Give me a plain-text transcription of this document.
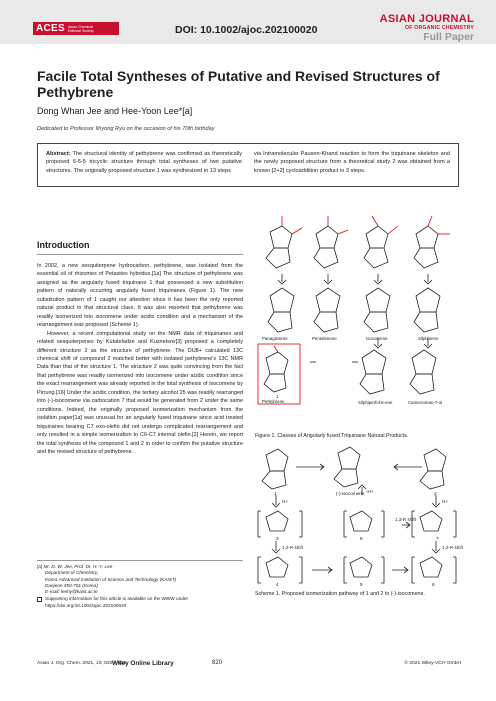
ACES Asian Chemical
Editorial Society	DOI: 10.1002/ajoc.202100020
ASIAN JOURNAL
OF ORGANIC CHEMISTRY
Full Paper
Facile Total Syntheses of Putative and Revised Structures of Pethybrene
Dong Whan Jee and Hee-Yoon Lee*[a]
Dedicated to Professor Ilhyong Ryu on the occasion of his 70th birthday
Abstract: The structural identity of pethybrene was confirmed as theoretically proposed 6-5-5 tricyclic structure through total syntheses of two putative structures. The originally proposed structure 1 was synthesized in 13 steps
via Intramolecular Pauson-Khand reaction to form the triquinane skeleton and the newly proposed structure from a theoretical study 2 was obtained from a known [2+2] cycloaddition product in 3 steps.
Introduction

In 2002, a new sesquiterpene hydrocarbon, pethybrene, was isolated from the essential oil of rhizomes of Petasites hybridus.[1a] The structure of pethybrene was assigned as the angularly fused triquinane 1 that possessed a new substitution pattern of naturally occurring angularly fused triquinanes (Figure 1). The new substitution pattern of 1 caught our attention since it has been the only reported natural product in that structural class. It was also reported that pethybrene was readily isomerized into isocomene under acidic condition and a mechanism of the rearrangement was proposed (Scheme 1).

However, a recent computational study on the NMR data of triquinanes and related sesquiterpenes by Kutateladze and Kuznetsov[3] proposed a completely different structure 2 as the structure of pethybrene. The DU8+ calculated 13C chemical shift of compound 2 matched better with isolated pethybrene's 13C NMR Data than that of the structure 1. The structure 2 was quite convincing from the fact that pethybrene was readily isomerized into isocomene under acidic condition since the exact rearrangement was already reported in the total synthesis of isocomene by Pirrung.[16] Under the acidic condition, the tertiary alcohol 25 was readily rearranged into (-)-isocomene via carbocation 7 that would be generated from 2 under the same conditions. Indeed, the originally proposed isomerization mechanism from the isolation paper[1a] was unusual for an angularly fused triquinane since acid treated triquinanes bearing C7 exo-olefin did not undergo complicated rearrangement and only resulted in a simple isomerization to C6-C7 internal olefin.[2] Herein, we report the total synthesis of the compound 1 and 2 in order to confirm the putative structure and the revised structure of pethybrene.

Panaginsene	Pentalenene	Isocomene	Silphinene
1
Pethybrene	Silphiperfol-6-ene	Cameroonan-7-ol
Figure 1. Classes of Angularly fused Triquinane Natural Products.
1	(-)-isocomene	2
H+
-H+
H+
3	8
1,3-R shift
7
1,2-R shift	1,2-R shift
4	5	6
Scheme 1. Proposed isomerization pathway of 1 and 2 to (-)-isocomene.
[a] Mr. D. W. Jee, Prof. Dr. H.-Y. Lee
Department of Chemistry,
Korea Advanced Institution of Science and Technology (KAIST)
Daejeon 350-701 (Korea)
E-mail: leehy@kaist.ac.kr
Supporting information for this article is available on the WWW under https://doi.org/10.1002/ajoc.202100020
Asian J. Org. Chem. 2021, 10, 820 – 826
Wiley Online Library	820	© 2021 Wiley-VCH GmbH
